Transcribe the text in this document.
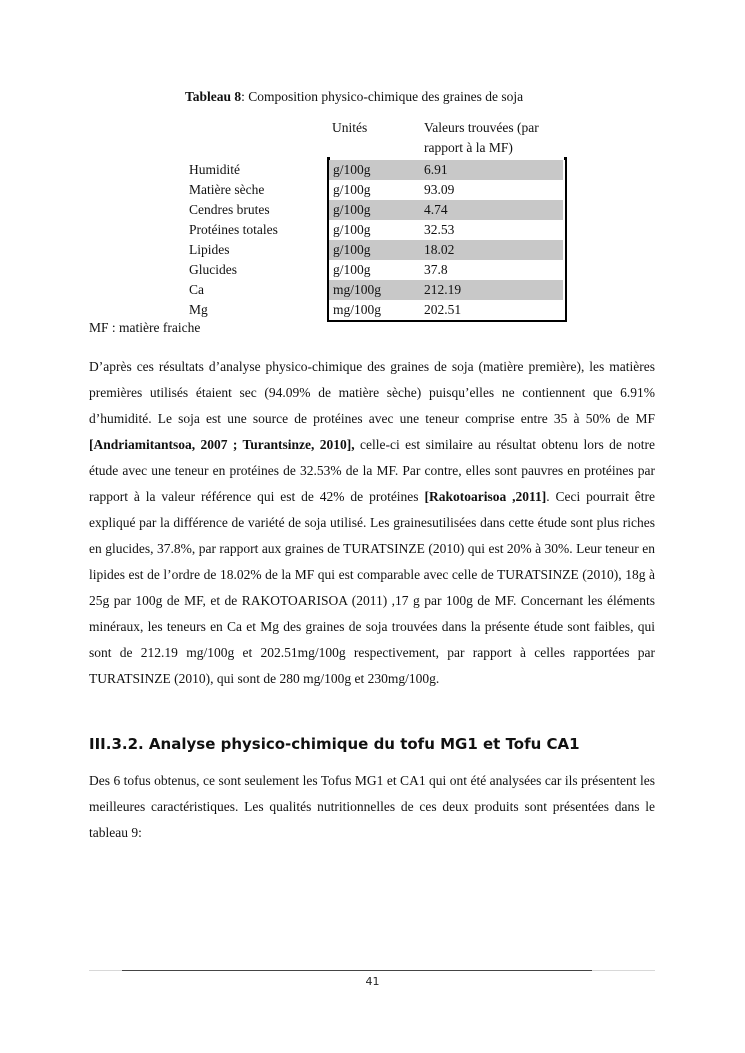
Tableau 8: Composition physico-chimique des graines de soja
Unités	Valeurs trouvées (par
rapport à la MF)
Humidité	g/100g	6.91
Matière sèche	g/100g	93.09
Cendres brutes	g/100g	4.74
Protéines totales	g/100g	32.53
Lipides	g/100g	18.02
Glucides	g/100g	37.8
Ca	mg/100g	212.19
Mg	mg/100g	202.51
MF : matière fraiche
D’après ces résultats d’analyse physico-chimique des graines de soja (matière première), les matières premières utilisés étaient sec (94.09% de matière sèche) puisqu’elles ne contiennent que 6.91% d’humidité. Le soja est une source de protéines avec une teneur comprise entre 35 à 50% de MF [Andriamitantsoa, 2007 ; Turantsinze, 2010], celle-ci est similaire au résultat obtenu lors de notre étude avec une teneur en protéines de 32.53% de la MF. Par contre, elles sont pauvres en protéines par rapport à la valeur référence qui est de 42% de protéines [Rakotoarisoa ,2011]. Ceci pourrait être expliqué par la différence de variété de soja utilisé. Les grainesutilisées dans cette étude sont plus riches en glucides, 37.8%, par rapport aux graines de TURATSINZE (2010) qui est 20% à 30%. Leur teneur en lipides est de l’ordre de 18.02% de la MF qui est comparable avec celle de TURATSINZE (2010), 18g à 25g par 100g de MF, et de RAKOTOARISOA (2011) ,17 g par 100g de MF. Concernant les éléments minéraux, les teneurs en Ca et Mg des graines de soja trouvées dans la présente étude sont faibles, qui sont de 212.19 mg/100g et 202.51mg/100g respectivement, par rapport à celles rapportées par TURATSINZE (2010), qui sont de 280 mg/100g et 230mg/100g.
III.3.2. Analyse physico-chimique du tofu MG1 et Tofu CA1
Des 6 tofus obtenus, ce sont seulement les Tofus MG1 et CA1 qui ont été analysées car ils présentent les meilleures caractéristiques. Les qualités nutritionnelles de ces deux produits sont présentées dans le tableau 9:
41
